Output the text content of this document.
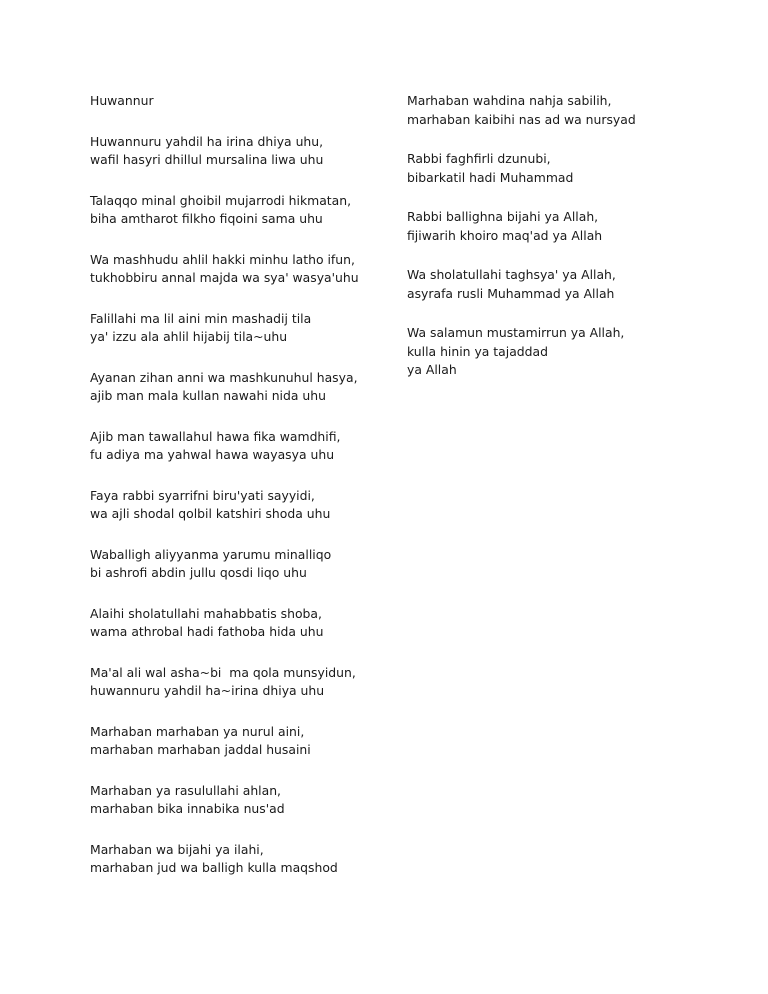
Huwannur
Huwannuru yahdil ha irina dhiya uhu,
wafil hasyri dhillul mursalina liwa uhu
Talaqqo minal ghoibil mujarrodi hikmatan,
biha amtharot filkho fiqoini sama uhu
Wa mashhudu ahlil hakki minhu latho ifun,
tukhobbiru annal majda wa sya' wasya'uhu
Falillahi ma lil aini min mashadij tila
ya' izzu ala ahlil hijabij tila~uhu
Ayanan zihan anni wa mashkunuhul hasya,
ajib man mala kullan nawahi nida uhu
Ajib man tawallahul hawa fika wamdhifi,
fu adiya ma yahwal hawa wayasya uhu
Faya rabbi syarrifni biru'yati sayyidi,
wa ajli shodal qolbil katshiri shoda uhu
Waballigh aliyyanma yarumu minalliqo
bi ashrofi abdin jullu qosdi liqo uhu
Alaihi sholatullahi mahabbatis shoba,
wama athrobal hadi fathoba hida uhu
Ma'al ali wal asha~bi  ma qola munsyidun,
huwannuru yahdil ha~irina dhiya uhu
Marhaban marhaban ya nurul aini,
marhaban marhaban jaddal husaini
Marhaban ya rasulullahi ahlan,
marhaban bika innabika nus'ad
Marhaban wa bijahi ya ilahi,
marhaban jud wa balligh kulla maqshod
Marhaban wahdina nahja sabilih,
marhaban kaibihi nas ad wa nursyad
Rabbi faghfirli dzunubi,
bibarkatil hadi Muhammad
Rabbi ballighna bijahi ya Allah,
fijiwarih khoiro maq'ad ya Allah
Wa sholatullahi taghsya' ya Allah,
asyrafa rusli Muhammad ya Allah
Wa salamun mustamirrun ya Allah,
kulla hinin ya tajaddad
ya Allah
